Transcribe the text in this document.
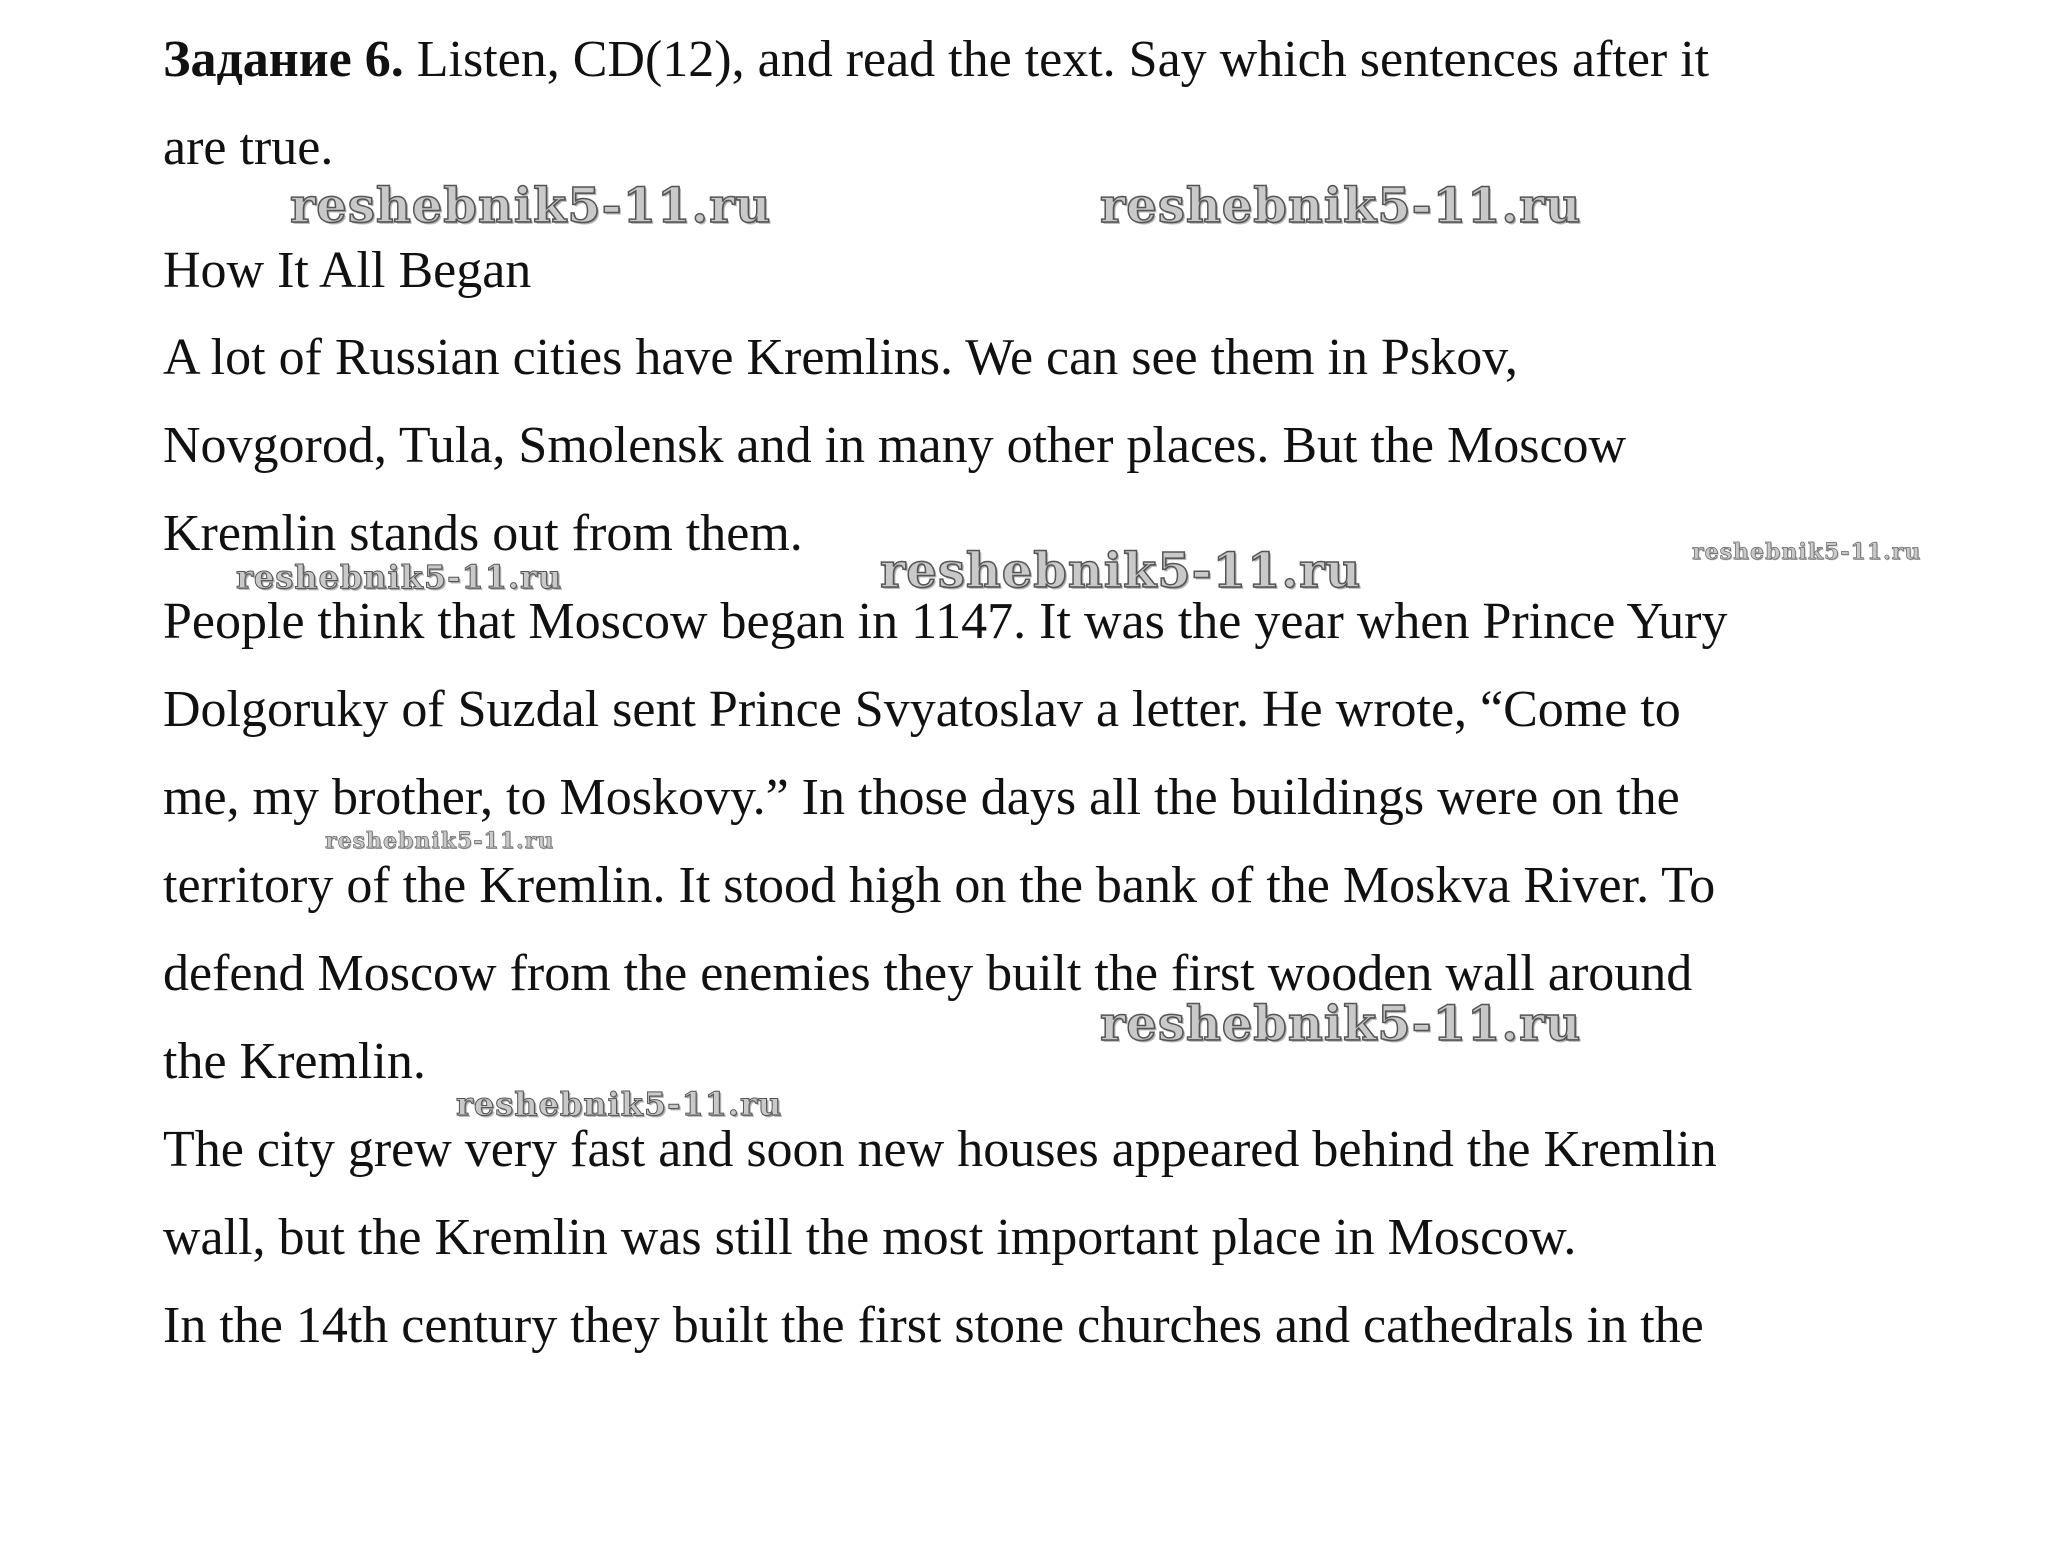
Задание 6. Listen, CD(12), and read the text. Say which sentences after it
are true.
How It All Began
A lot of Russian cities have Kremlins. We can see them in Pskov,
Novgorod, Tula, Smolensk and in many other places. But the Moscow
Kremlin stands out from them.
People think that Moscow began in 1147. It was the year when Prince Yury
Dolgoruky of Suzdal sent Prince Svyatoslav a letter. He wrote, “Come to
me, my brother, to Moskovy.” In those days all the buildings were on the
territory of the Kremlin. It stood high on the bank of the Moskva River. To
defend Moscow from the enemies they built the first wooden wall around
the Kremlin.
The city grew very fast and soon new houses appeared behind the Kremlin
wall, but the Kremlin was still the most important place in Moscow.
In the 14th century they built the first stone churches and cathedrals in the
reshebnik5-11.ru	reshebnik5-11.ru
reshebnik5-11.ru	reshebnik5-11.ru	reshebnik5-11.ru
reshebnik5-11.ru
reshebnik5-11.ru
reshebnik5-11.ru
